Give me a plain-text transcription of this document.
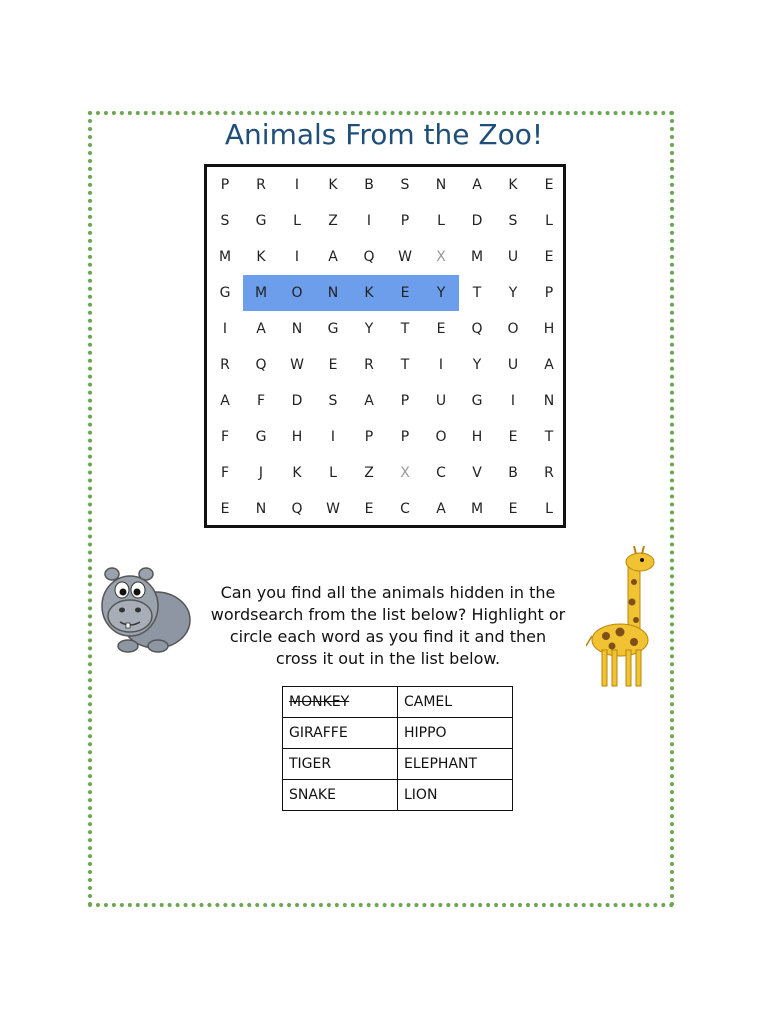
Animals From the Zoo!
P	R	I	K	B	S	N	A	K	E
S	G	L	Z	I	P	L	D	S	L
M	K	I	A	Q	W	X	M	U	E
G	M	O	N	K	E	Y	T	Y	P
I	A	N	G	Y	T	E	Q	O	H
R	Q	W	E	R	T	I	Y	U	A
A	F	D	S	A	P	U	G	I	N
F	G	H	I	P	P	O	H	E	T
F	J	K	L	Z	X	C	V	B	R
E	N	Q	W	E	C	A	M	E	L
Can you find all the animals hidden in the wordsearch from the list below? Highlight or circle each word as you find it and then cross it out in the list below.
MONKEY	CAMEL
GIRAFFE	HIPPO
TIGER	ELEPHANT
SNAKE	LION
